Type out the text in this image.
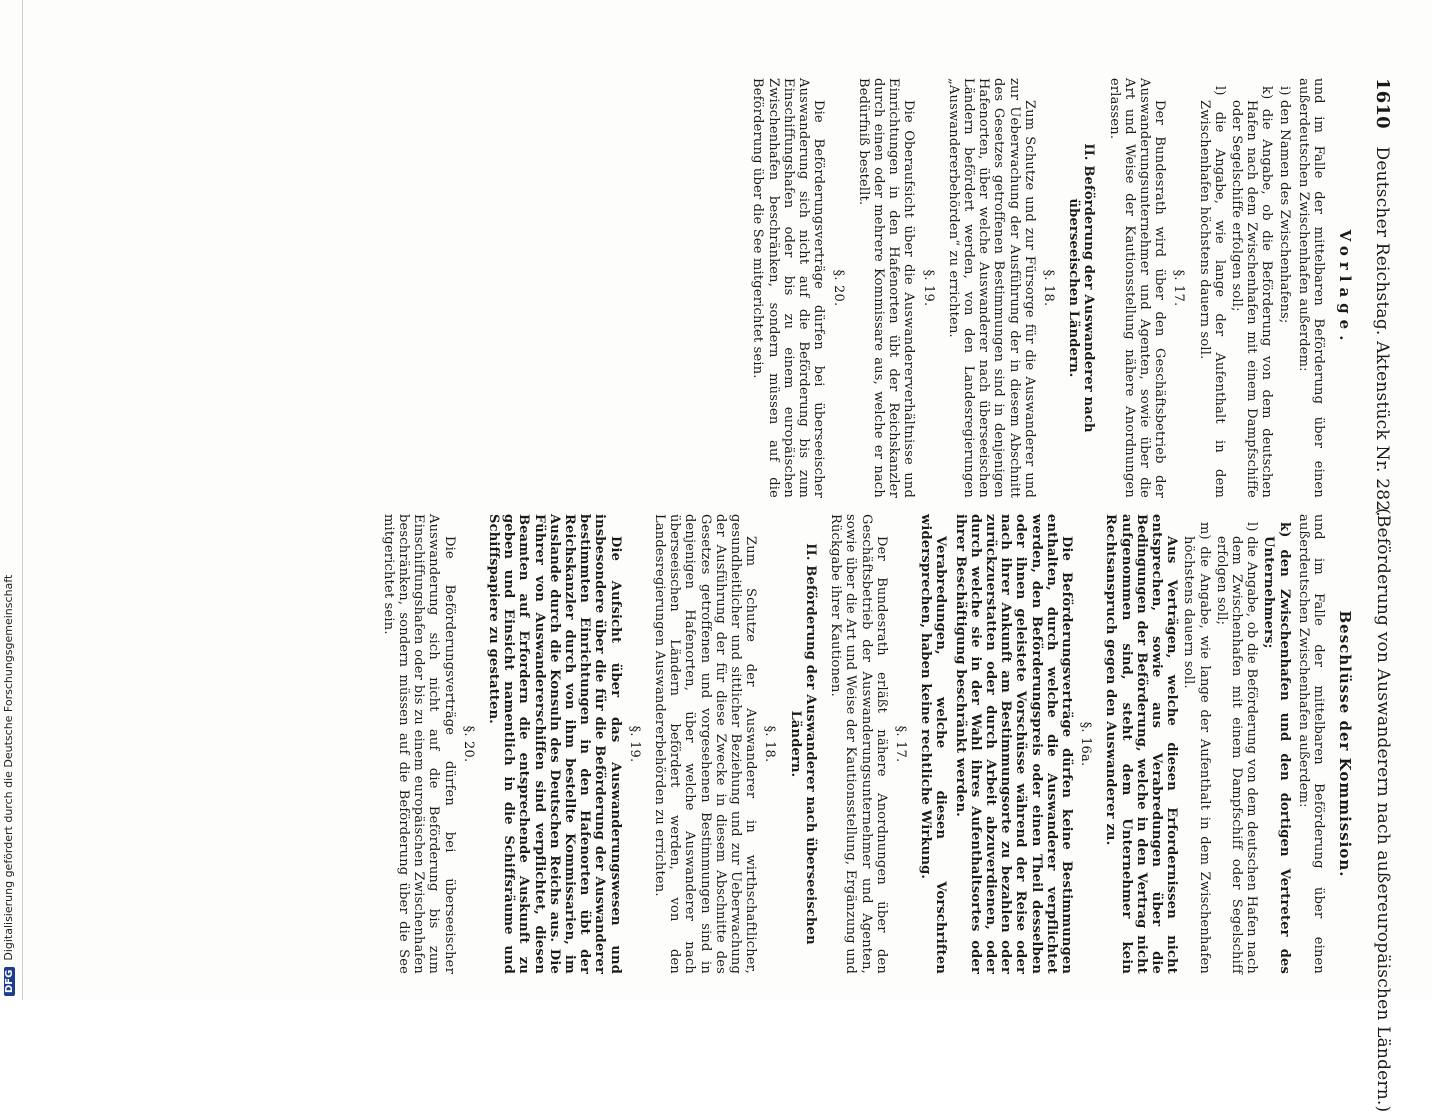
1610 Deutscher Reichstag. Aktenstück Nr. 282.
(Beförderung von Auswanderern nach außereuropäischen Ländern.)
Vorlage.

und im Falle der mittelbaren Beförderung über einen außerdeutschen Zwischenhafen außerdem:

i) den Namen des Zwischenhafens;

k) die Angabe, ob die Beförderung von dem deutschen Hafen nach dem Zwischenhafen mit einem Dampfschiffe oder Segelschiffe erfolgen soll;

l) die Angabe, wie lange der Aufenthalt in dem Zwischenhafen höchstens dauern soll.

§. 17.

Der Bundesrath wird über den Geschäftsbetrieb der Auswanderungsunternehmer und Agenten, sowie über die Art und Weise der Kautionsstellung nähere Anordnungen erlassen.

II. Beförderung der Auswanderer nach überseeischen Ländern.
§. 18.

Zum Schutze und zur Fürsorge für die Auswanderer und zur Ueberwachung der Ausführung der in diesem Abschnitt des Gesetzes getroffenen Bestimmungen sind in denjenigen Hafenorten, über welche Auswanderer nach überseeischen Ländern befördert werden, von den Landesregierungen „Auswandererbehörden“ zu errichten.

§. 19.

Die Oberaufsicht über die Auswandererverhältnisse und Einrichtungen in den Hafenorten übt der Reichskanzler durch einen oder mehrere Kommissare aus, welche er nach Bedürfniß bestellt.

§. 20.

Die Beförderungsverträge dürfen bei überseeischer Auswanderung sich nicht auf die Beförderung bis zum Einschiffungshafen oder bis zu einem europäischen Zwischenhafen beschränken, sondern müssen auf die Beförderung über die See mitgerichtet sein.

Beschlüsse der Kommission.

und im Falle der mittelbaren Beförderung über einen außerdeutschen Zwischenhafen außerdem:

k) den Zwischenhafen und den dortigen Vertreter des Unternehmers;

l) die Angabe, ob die Beförderung von dem deutschen Hafen nach dem Zwischenhafen mit einem Dampfschiff oder Segelschiff erfolgen soll;

m) die Angabe, wie lange der Aufenthalt in dem Zwischenhafen höchstens dauern soll.

Aus Verträgen, welche diesen Erfordernissen nicht entsprechen, sowie aus Verabredungen über die Bedingungen der Beförderung, welche in den Vertrag nicht aufgenommen sind, steht dem Unternehmer kein Rechtsanspruch gegen den Auswanderer zu.

§. 16a.

Die Beförderungsverträge dürfen keine Bestimmungen enthalten, durch welche die Auswanderer verpflichtet werden, den Beförderungspreis oder einen Theil desselben oder ihnen geleistete Vorschüsse während der Reise oder nach ihrer Ankunft am Bestimmungsorte zu bezahlen oder zurückzuerstatten oder durch Arbeit abzuverdienen, oder durch welche sie in der Wahl ihres Aufenthaltsortes oder ihrer Beschäftigung beschränkt werden.

Verabredungen, welche diesen Vorschriften widersprechen, haben keine rechtliche Wirkung.

§. 17.

Der Bundesrath erläßt nähere Anordnungen über den Geschäftsbetrieb der Auswanderungsunternehmer und Agenten, sowie über die Art und Weise der Kautionsstellung, Ergänzung und Rückgabe ihrer Kautionen.

II. Beförderung der Auswanderer nach überseeischen Ländern.
§. 18.

Zum Schutze der Auswanderer in wirthschaftlicher, gesundheitlicher und sittlicher Beziehung und zur Ueberwachung der Ausführung der für diese Zwecke in diesem Abschnitte des Gesetzes getroffenen und vorgesehenen Bestimmungen sind in denjenigen Hafenorten, über welche Auswanderer nach überseeischen Ländern befördert werden, von den Landesregierungen Auswandererbehörden zu errichten.

§. 19.

Die Aufsicht über das Auswanderungswesen und insbesondere über die für die Beförderung der Auswanderer bestimmten Einrichtungen in den Hafenorten übt der Reichskanzler durch von ihm bestellte Kommissarien, im Auslande durch die Konsuln des Deutschen Reichs aus. Die Führer von Auswandererschiffen sind verpflichtet, diesen Beamten auf Erfordern die entsprechende Auskunft zu geben und Einsicht namentlich in die Schiffsräume und Schiffspapiere zu gestatten.

§. 20.

Die Beförderungsverträge dürfen bei überseeischer Auswanderung sich nicht auf die Beförderung bis zum Einschiffungshafen oder bis zu einem europäischen Zwischenhafen beschränken, sondern müssen auf die Beförderung über die See mitgerichtet sein.

DFGDigitalisierung gefördert durch die Deutsche Forschungsgemeinschaft
